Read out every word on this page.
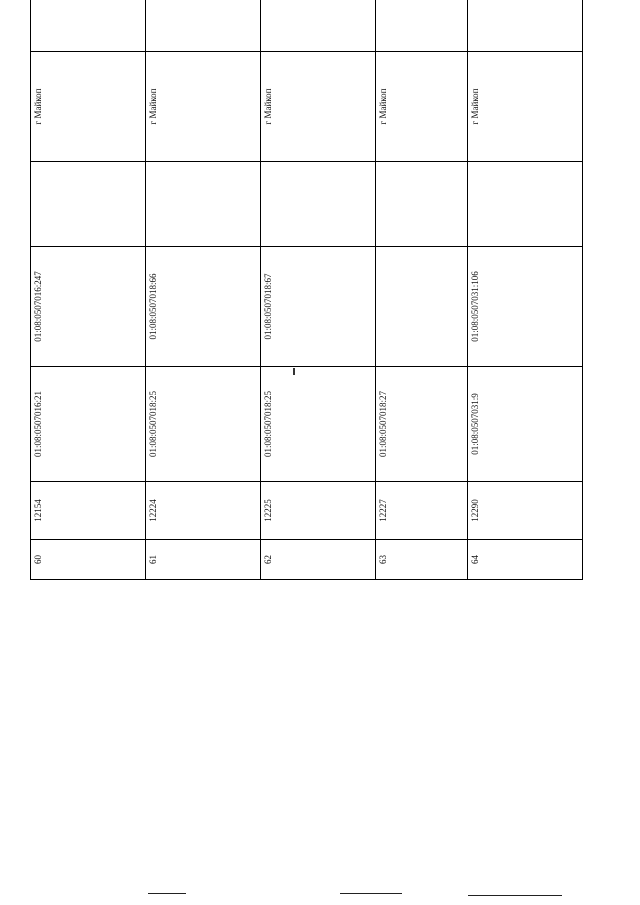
60	12154	01:08:0507016:21	01:08:0507016:247		г Майкоп						
61	12224	01:08:0507018:25	01:08:0507018:66		г Майкоп						
62	12225	01:08:0507018:25	01:08:0507018:67		г Майкоп						
63	12227	01:08:0507018:27			г Майкоп						
64	12290	01:08:0507031:9	01:08:0507031:106		г Майкоп						
